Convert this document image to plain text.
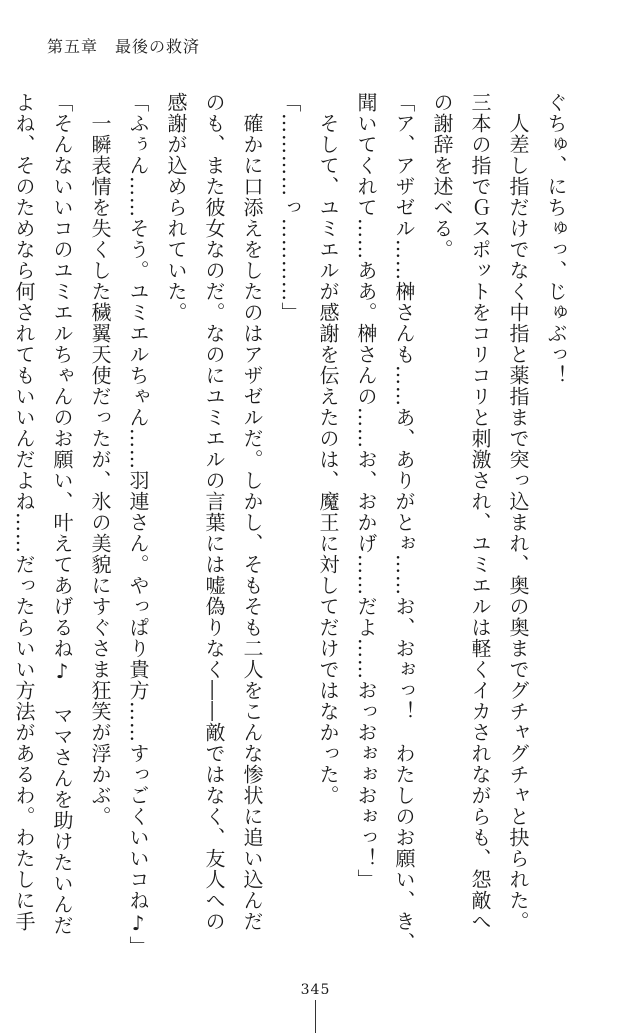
第五章　最後の救済

ぐちゅ、にちゅっ、じゅぶっ！

　人差し指だけでなく中指と薬指まで突っ込まれ、奥の奥までグチャグチャと抉られた。

三本の指でＧスポットをコリコリと刺激され、ユミエルは軽くイカされながらも、怨敵へ

の謝辞を述べる。

「ア、アザゼル……榊さんも……あ、ありがとぉ……お、おぉっ！　わたしのお願い、き、

聞いてくれて……ああ。榊さんの……お、おかげ……だよ……おっおぉぉおぉっ！」

　そして、ユミエルが感謝を伝えたのは、魔王に対してだけではなかった。

「…………っ…………」

　確かに口添えをしたのはアザゼルだ。しかし、そもそも二人をこんな惨状に追い込んだ

のも、また彼女なのだ。なのにユミエルの言葉には嘘偽りなく――敵ではなく、友人への

感謝が込められていた。

「ふぅん……そう。ユミエルちゃん……羽連さん。やっぱり貴方……すっごくいいコね♪」

　一瞬表情を失くした穢翼天使だったが、氷の美貌にすぐさま狂笑が浮かぶ。

「そんないいコのユミエルちゃんのお願い、叶えてあげるね♪　ママさんを助けたいんだ

よね、そのためなら何されてもいいんだよね……だったらいい方法があるわ。わたしに手

345
